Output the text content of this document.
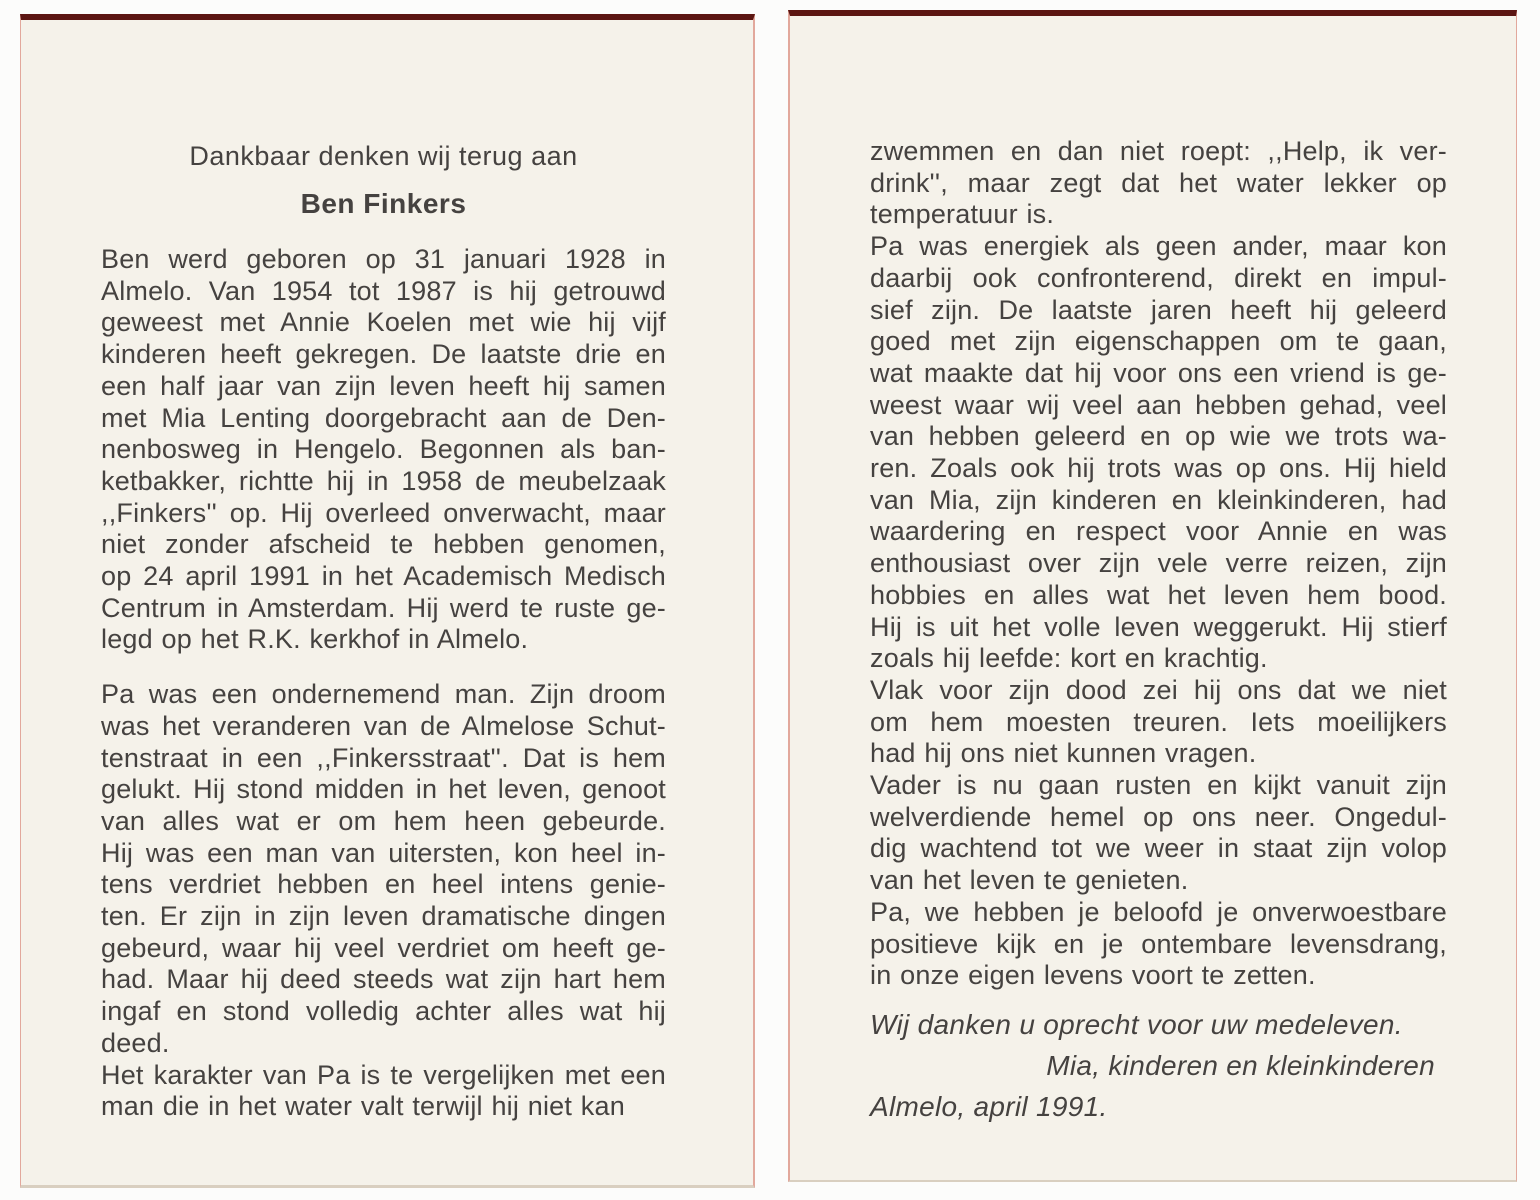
Dankbaar denken wij terug aan
Ben Finkers
Ben werd geboren op 31 januari 1928 in
Almelo. Van 1954 tot 1987 is hij getrouwd
geweest met Annie Koelen met wie hij vijf
kinderen heeft gekregen. De laatste drie en
een half jaar van zijn leven heeft hij samen
met Mia Lenting doorgebracht aan de Den-
nenbosweg in Hengelo. Begonnen als ban-
ketbakker, richtte hij in 1958 de meubelzaak
,,Finkers'' op. Hij overleed onverwacht, maar
niet zonder afscheid te hebben genomen,
op 24 april 1991 in het Academisch Medisch
Centrum in Amsterdam. Hij werd te ruste ge-
legd op het R.K. kerkhof in Almelo.
Pa was een ondernemend man. Zijn droom
was het veranderen van de Almelose Schut-
tenstraat in een ,,Finkersstraat''. Dat is hem
gelukt. Hij stond midden in het leven, genoot
van alles wat er om hem heen gebeurde.
Hij was een man van uitersten, kon heel in-
tens verdriet hebben en heel intens genie-
ten. Er zijn in zijn leven dramatische dingen
gebeurd, waar hij veel verdriet om heeft ge-
had. Maar hij deed steeds wat zijn hart hem
ingaf en stond volledig achter alles wat hij
deed.
Het karakter van Pa is te vergelijken met een
man die in het water valt terwijl hij niet kan
zwemmen en dan niet roept: ,,Help, ik ver-
drink'', maar zegt dat het water lekker op
temperatuur is.
Pa was energiek als geen ander, maar kon
daarbij ook confronterend, direkt en impul-
sief zijn. De laatste jaren heeft hij geleerd
goed met zijn eigenschappen om te gaan,
wat maakte dat hij voor ons een vriend is ge-
weest waar wij veel aan hebben gehad, veel
van hebben geleerd en op wie we trots wa-
ren. Zoals ook hij trots was op ons. Hij hield
van Mia, zijn kinderen en kleinkinderen, had
waardering en respect voor Annie en was
enthousiast over zijn vele verre reizen, zijn
hobbies en alles wat het leven hem bood.
Hij is uit het volle leven weggerukt. Hij stierf
zoals hij leefde: kort en krachtig.
Vlak voor zijn dood zei hij ons dat we niet
om hem moesten treuren. Iets moeilijkers
had hij ons niet kunnen vragen.
Vader is nu gaan rusten en kijkt vanuit zijn
welverdiende hemel op ons neer. Ongedul-
dig wachtend tot we weer in staat zijn volop
van het leven te genieten.
Pa, we hebben je beloofd je onverwoestbare
positieve kijk en je ontembare levensdrang,
in onze eigen levens voort te zetten.
Wij danken u oprecht voor uw medeleven.
Mia, kinderen en kleinkinderen
Almelo, april 1991.
